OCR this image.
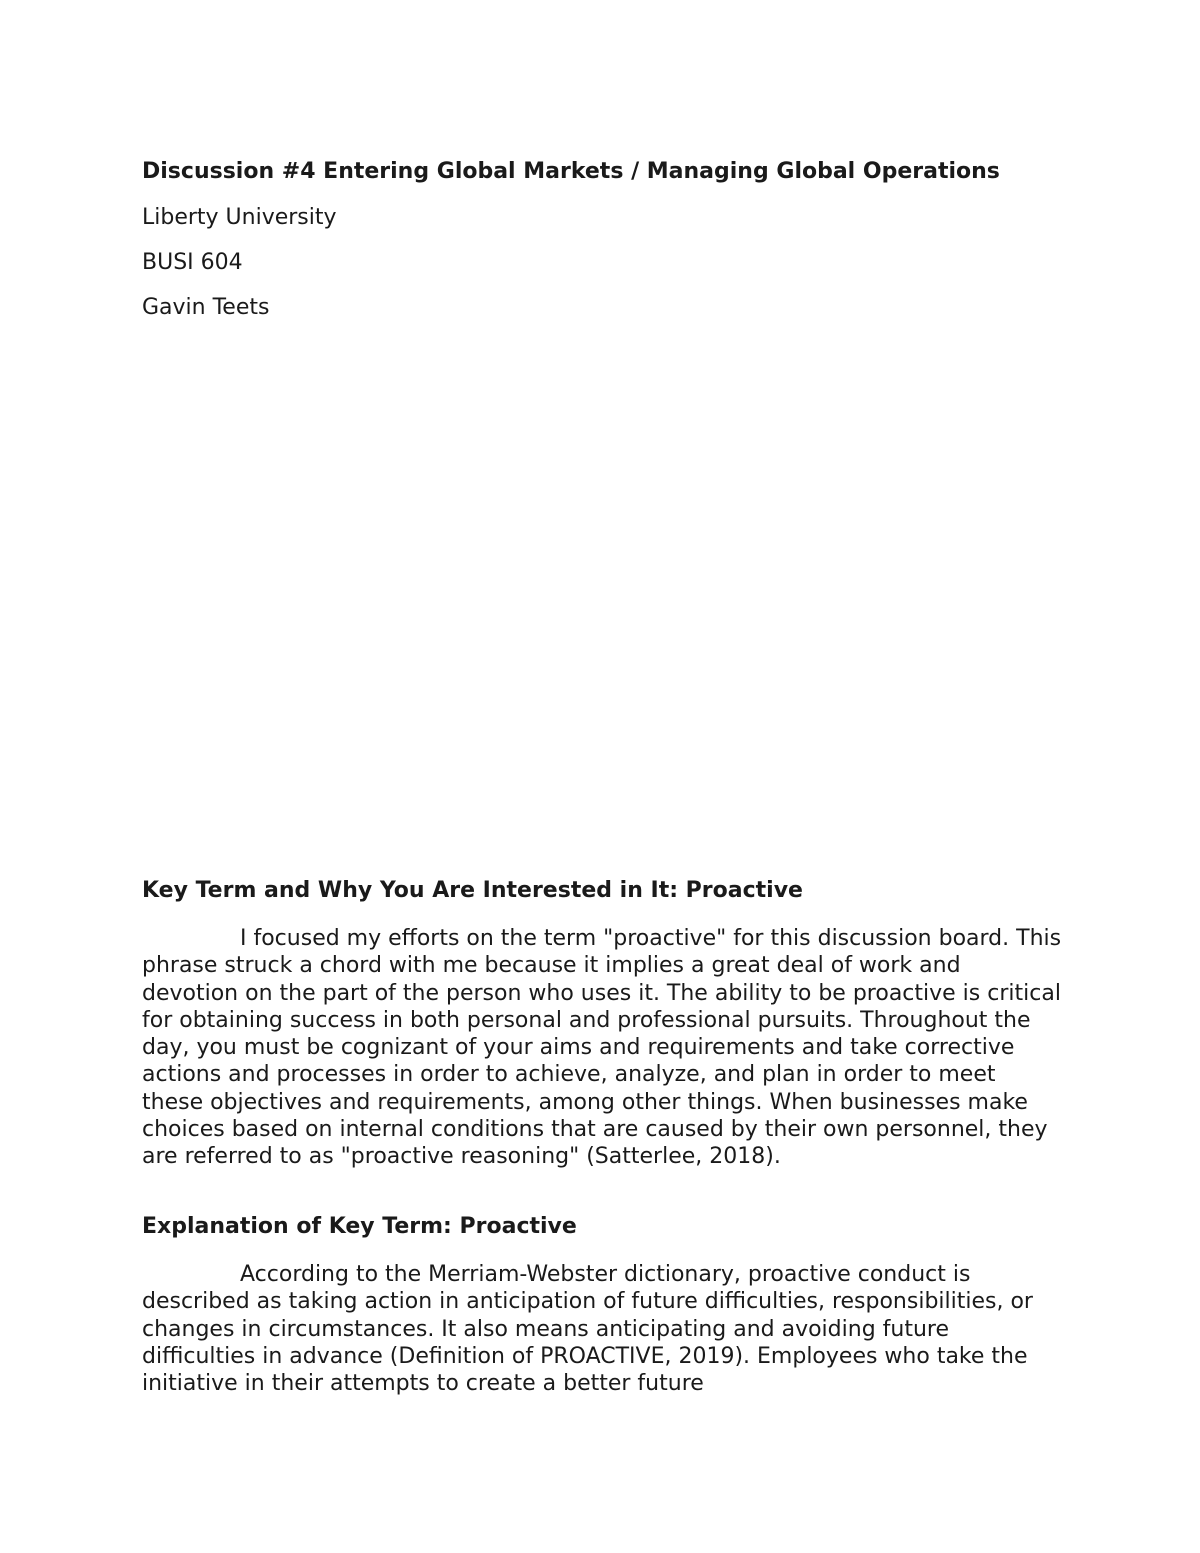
Discussion #4 Entering Global Markets / Managing Global Operations

Liberty University

BUSI 604

Gavin Teets

Key Term and Why You Are Interested in It: Proactive

I focused my efforts on the term "proactive" for this discussion board. This phrase struck a chord with me because it implies a great deal of work and devotion on the part of the person who uses it. The ability to be proactive is critical for obtaining success in both personal and professional pursuits. Throughout the day, you must be cognizant of your aims and requirements and take corrective actions and processes in order to achieve, analyze, and plan in order to meet these objectives and requirements, among other things. When businesses make choices based on internal conditions that are caused by their own personnel, they are referred to as "proactive reasoning" (Satterlee, 2018).

Explanation of Key Term: Proactive

According to the Merriam-Webster dictionary, proactive conduct is described as taking action in anticipation of future difficulties, responsibilities, or changes in circumstances. It also means anticipating and avoiding future difficulties in advance (Definition of PROACTIVE, 2019). Employees who take the initiative in their attempts to create a better future
